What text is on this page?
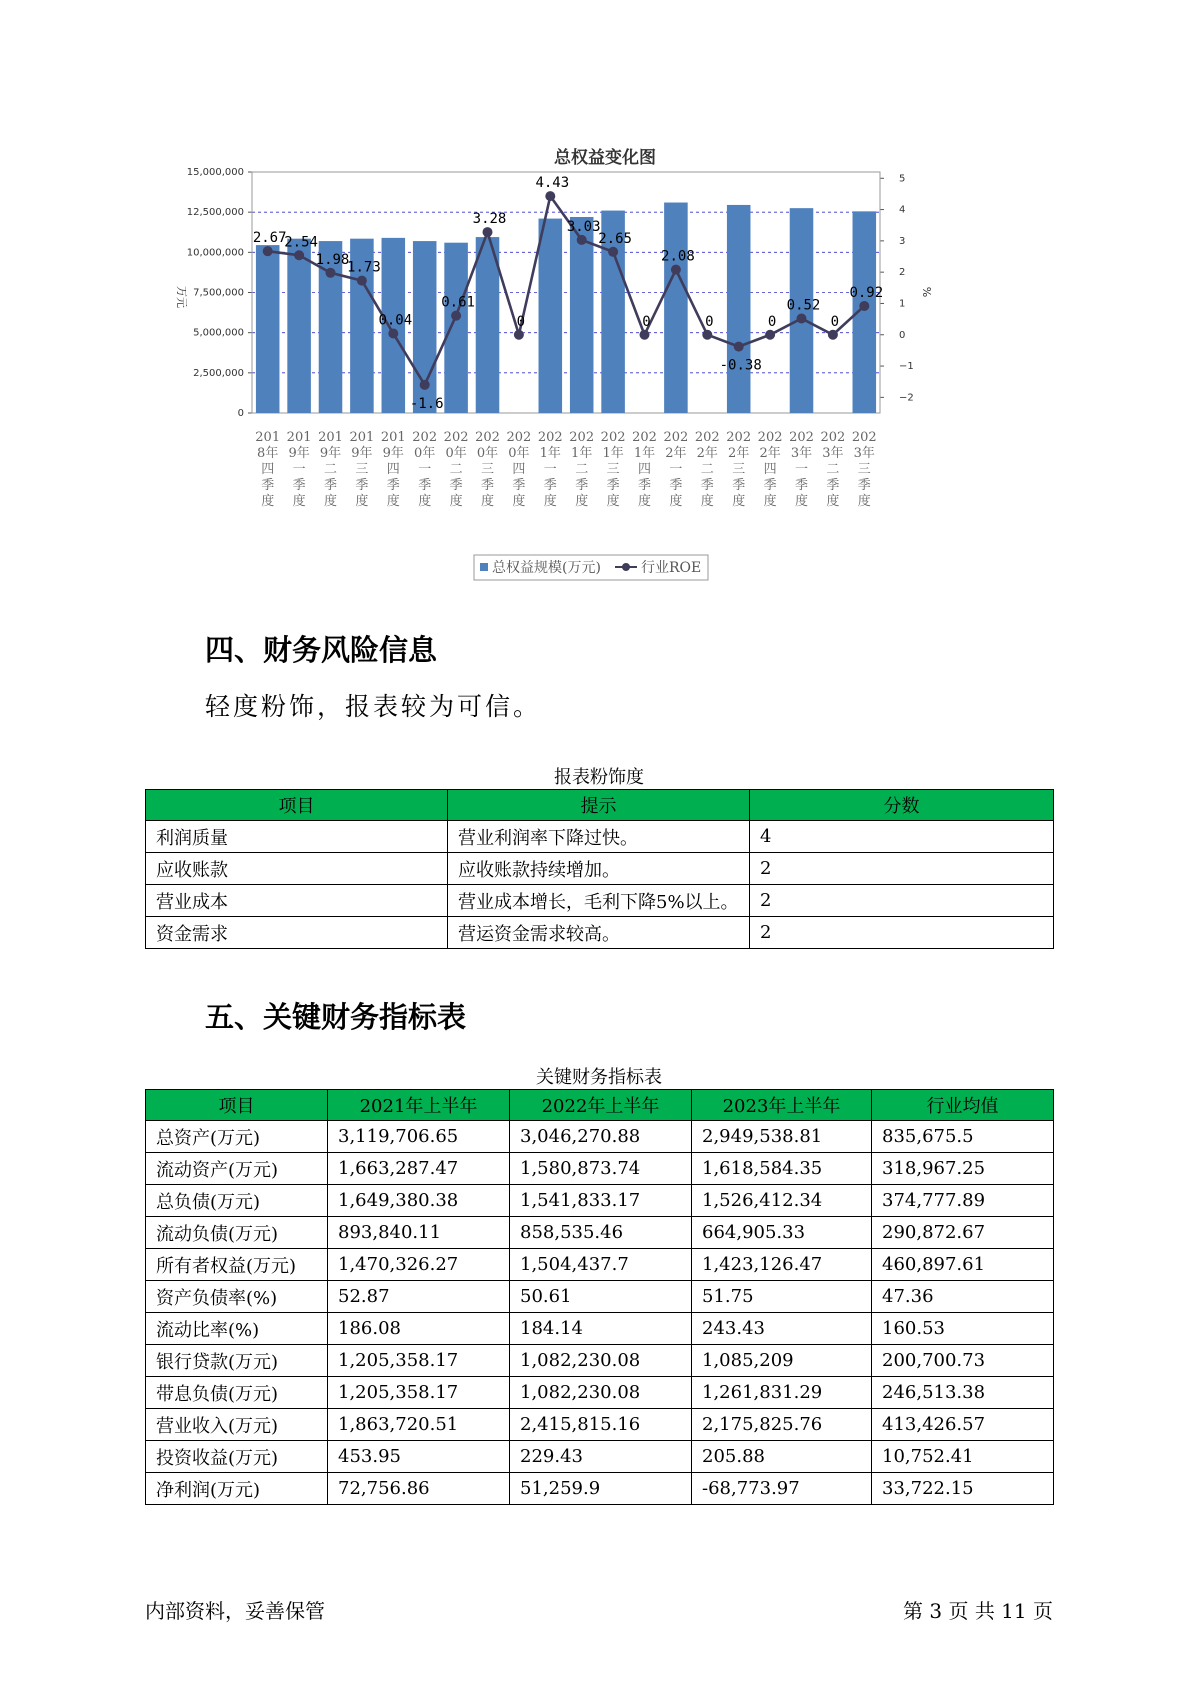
总权益变化图
15,000,000
12,500,000
10,000,000
7,500,000
5,000,000
2,500,000
0
5
4
3
2
1
0
−1
−2
万元	%
2.67
2.54
1.98
1.73
0.04
-1.6
0.61
3.28
0
4.43
3.03
2.65
0
2.08
0
-0.38
0
0.52
0
0.92
201
8年
四
季
度
201
9年
一
季
度
201
9年
二
季
度
201
9年
三
季
度
201
9年
四
季
度
202
0年
一
季
度
202
0年
二
季
度
202
0年
三
季
度
202
0年
四
季
度
202
1年
一
季
度
202
1年
二
季
度
202
1年
三
季
度
202
1年
四
季
度
202
2年
一
季
度
202
2年
二
季
度
202
2年
三
季
度
202
2年
四
季
度
202
3年
一
季
度
202
3年
二
季
度
202
3年
三
季
度
总权益规模(万元)	行业ROE
四、财务风险信息

轻度粉饰，报表较为可信。

报表粉饰度
项目	提示	分数
利润质量	营业利润率下降过快。	4
应收账款	应收账款持续增加。	2
营业成本	营业成本增长，毛利下降5%以上。	2
资金需求	营运资金需求较高。	2
五、关键财务指标表
关键财务指标表
项目	2021年上半年	2022年上半年	2023年上半年	行业均值
总资产(万元)	3,119,706.65	3,046,270.88	2,949,538.81	835,675.5
流动资产(万元)	1,663,287.47	1,580,873.74	1,618,584.35	318,967.25
总负债(万元)	1,649,380.38	1,541,833.17	1,526,412.34	374,777.89
流动负债(万元)	893,840.11	858,535.46	664,905.33	290,872.67
所有者权益(万元)	1,470,326.27	1,504,437.7	1,423,126.47	460,897.61
资产负债率(%)	52.87	50.61	51.75	47.36
流动比率(%)	186.08	184.14	243.43	160.53
银行贷款(万元)	1,205,358.17	1,082,230.08	1,085,209	200,700.73
带息负债(万元)	1,205,358.17	1,082,230.08	1,261,831.29	246,513.38
营业收入(万元)	1,863,720.51	2,415,815.16	2,175,825.76	413,426.57
投资收益(万元)	453.95	229.43	205.88	10,752.41
净利润(万元)	72,756.86	51,259.9	-68,773.97	33,722.15
内部资料，妥善保管	第 3 页 共 11 页
